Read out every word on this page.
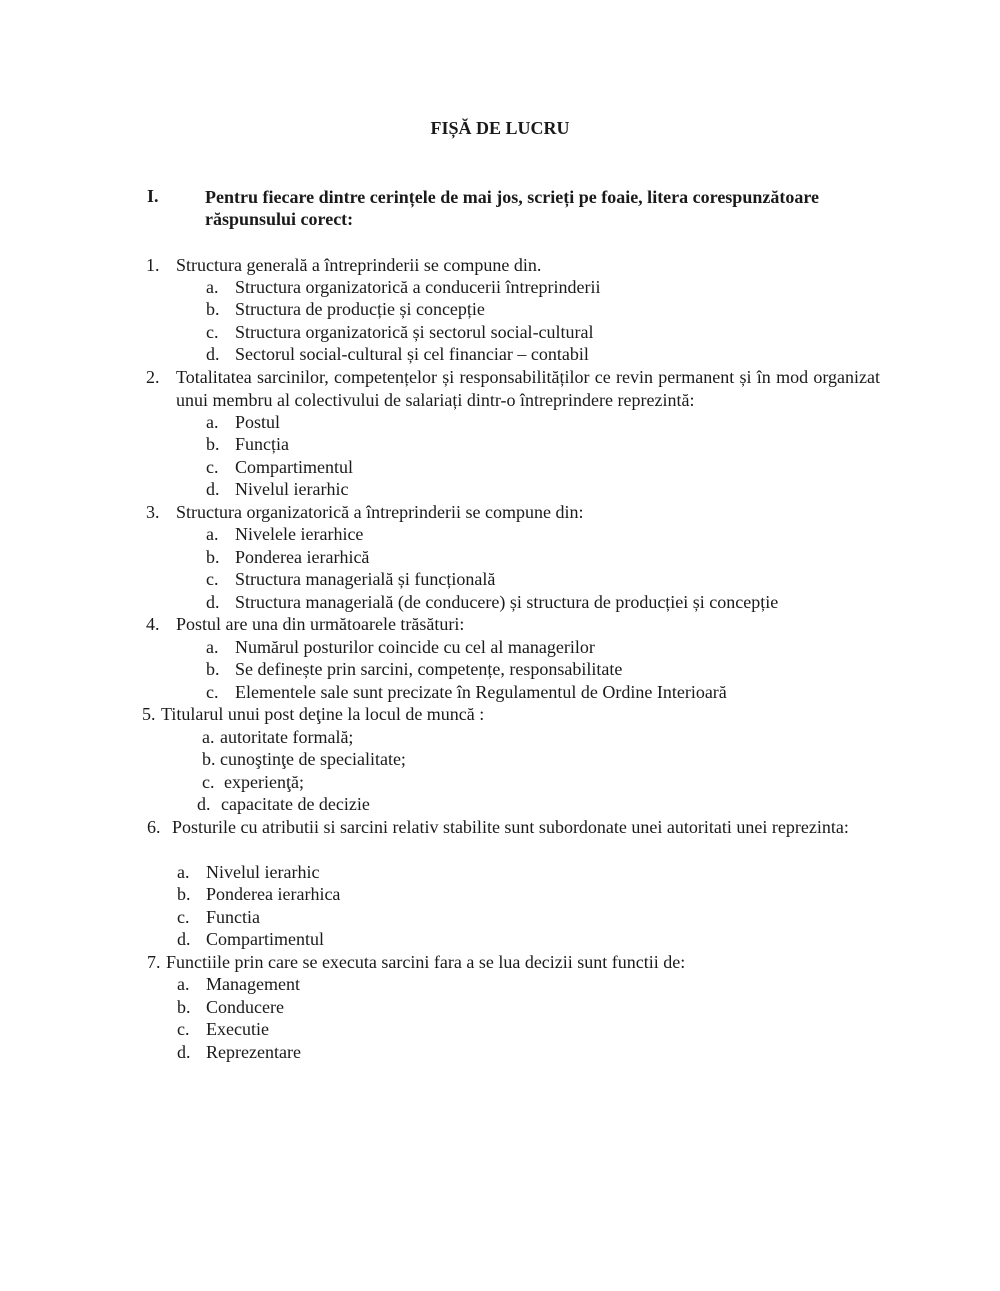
FIȘĂ DE LUCRU
I.	Pentru fiecare dintre cerințele de mai jos, scrieți pe foaie, litera corespunzătoare răspunsului corect:
1. Structura generală a întreprinderii se compune din.
a. Structura organizatorică a conducerii întreprinderii
b. Structura de producție și concepție
c. Structura organizatorică și sectorul social-cultural
d. Sectorul social-cultural și cel financiar – contabil
2. Totalitatea sarcinilor, competențelor și responsabilităților ce revin permanent și în mod organizat unui membru al colectivului de salariați dintr-o întreprindere reprezintă:
a. Postul
b. Funcția
c. Compartimentul
d. Nivelul ierarhic
3. Structura organizatorică a întreprinderii se compune din:
a. Nivelele ierarhice
b. Ponderea ierarhică
c. Structura managerială și funcțională
d. Structura managerială (de conducere) și structura de producției și concepție
4. Postul are una din următoarele trăsături:
a. Numărul posturilor coincide cu cel al managerilor
b. Se definește prin sarcini, competențe, responsabilitate
c. Elementele sale sunt precizate în Regulamentul de Ordine Interioară
5. Titularul unui post deţine la locul de muncă :
a. autoritate formală;
b. cunoştinţe de specialitate;
c. experienţă;
d. capacitate de decizie
6. Posturile cu atributii si sarcini relativ stabilite sunt subordonate unei autoritati unei reprezinta:
a. Nivelul ierarhic
b. Ponderea ierarhica
c. Functia
d. Compartimentul
7. Functiile prin care se executa sarcini fara a se lua decizii sunt functii de:
a. Management
b. Conducere
c. Executie
d. Reprezentare
